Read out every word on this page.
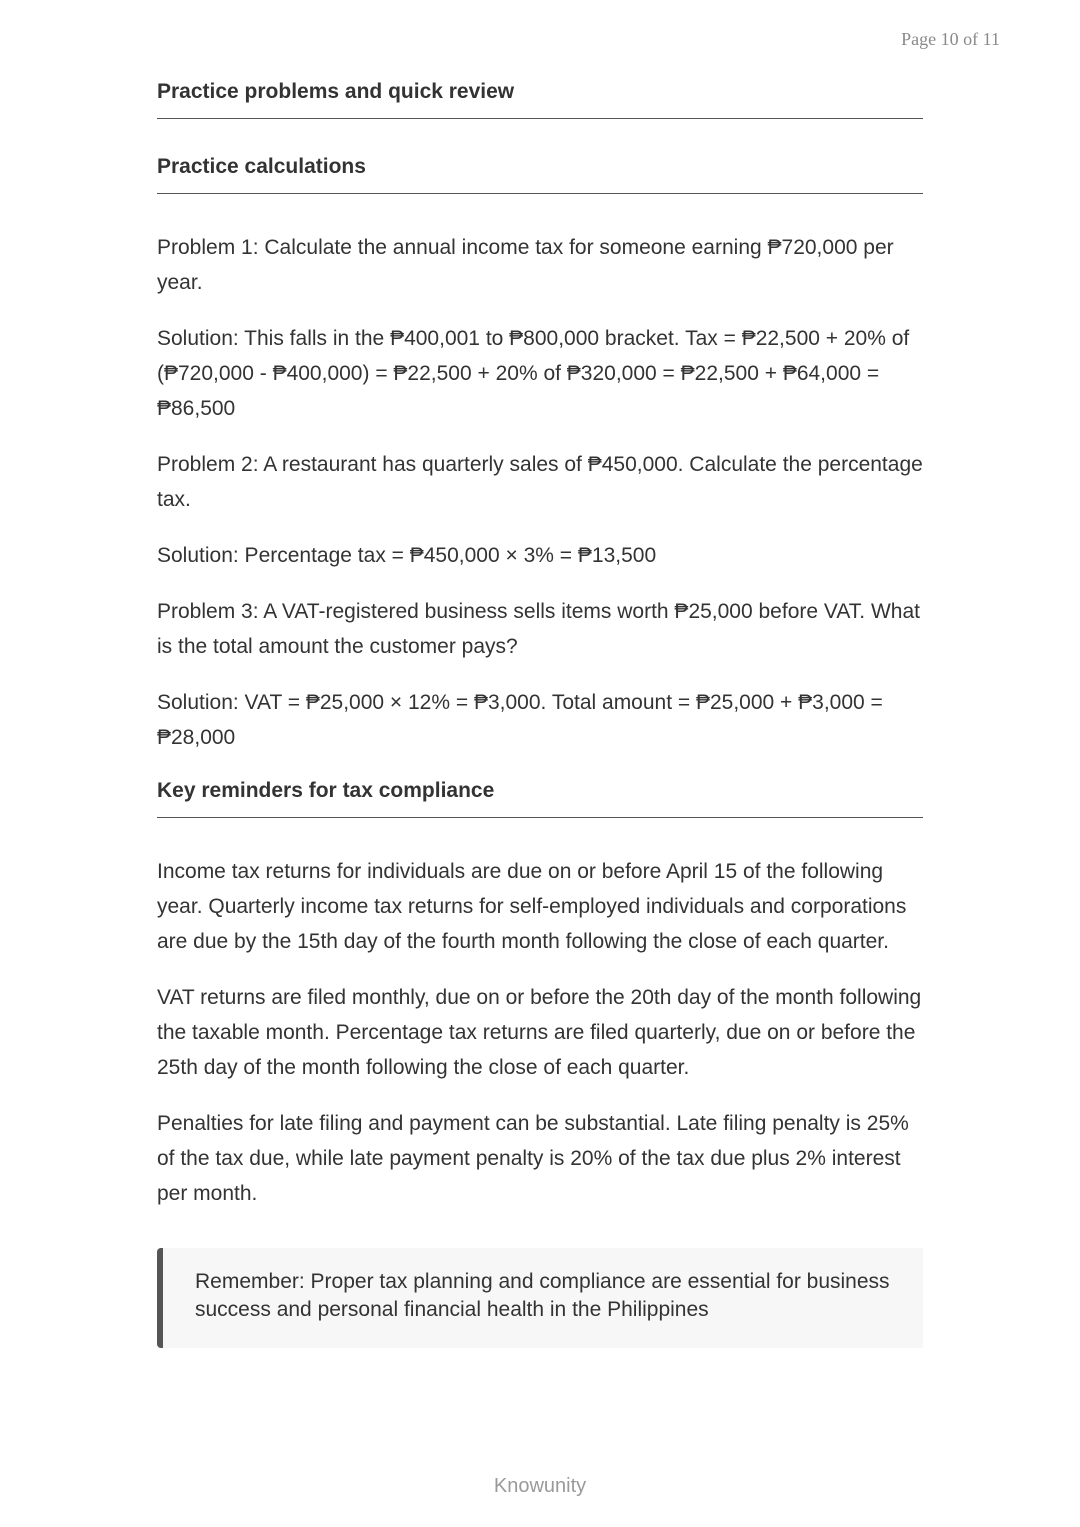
Page 10 of 11
Practice problems and quick review
Practice calculations

Problem 1: Calculate the annual income tax for someone earning ₱720,000 per year.

Solution: This falls in the ₱400,001 to ₱800,000 bracket. Tax = ₱22,500 + 20% of (₱720,000 - ₱400,000) = ₱22,500 + 20% of ₱320,000 = ₱22,500 + ₱64,000 = ₱86,500

Problem 2: A restaurant has quarterly sales of ₱450,000. Calculate the percentage tax.

Solution: Percentage tax = ₱450,000 × 3% = ₱13,500

Problem 3: A VAT-registered business sells items worth ₱25,000 before VAT. What is the total amount the customer pays?

Solution: VAT = ₱25,000 × 12% = ₱3,000. Total amount = ₱25,000 + ₱3,000 = ₱28,000

Key reminders for tax compliance

Income tax returns for individuals are due on or before April 15 of the following year. Quarterly income tax returns for self-employed individuals and corporations are due by the 15th day of the fourth month following the close of each quarter.

VAT returns are filed monthly, due on or before the 20th day of the month following the taxable month. Percentage tax returns are filed quarterly, due on or before the 25th day of the month following the close of each quarter.

Penalties for late filing and payment can be substantial. Late filing penalty is 25% of the tax due, while late payment penalty is 20% of the tax due plus 2% interest per month.

Remember: Proper tax planning and compliance are essential for business success and personal financial health in the Philippines

Knowunity
